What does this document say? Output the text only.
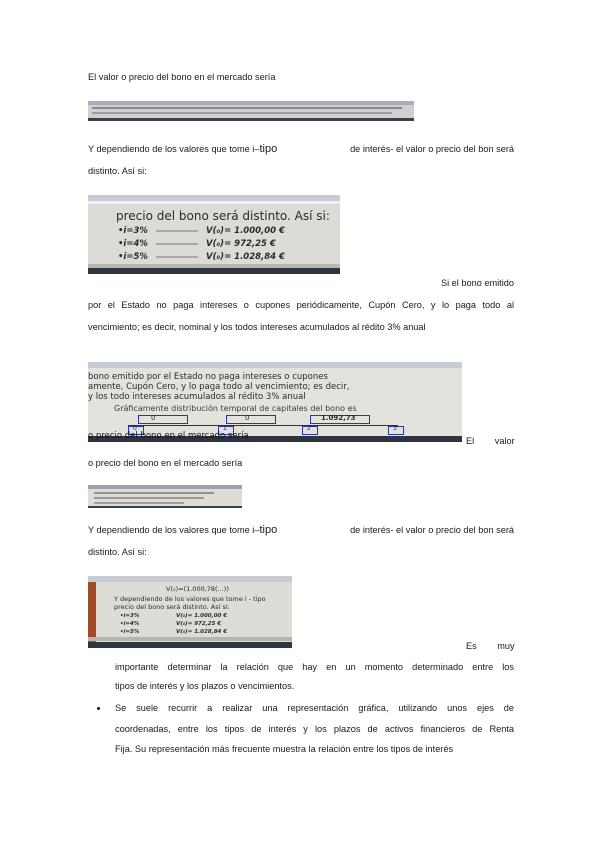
El valor o precio del bono en el mercado sería
Y dependiendo de los valores que tome i–tipo	de interés- el valor o precio del bon será
distinto. Así si:
precio del bono será distinto. Así si:
•i=3%	V(₀)= 1.000,00 €
•i=4%	V(₀)= 972,25 €
•i=5%	V(₀)= 1.028,84 €
Si el bono emitido
por el Estado no paga intereses o cupones periódicamente, Cupón Cero, y lo paga todo al
vencimiento; es decir, nominal y los todos intereses acumulados al rédito 3% anual
bono emitido por el Estado no paga intereses o cupones
amente, Cupón Cero, y lo paga todo al vencimiento; es decir,
y los todo intereses acumulados al rédito 3% anual
Gráficamente distribución temporal de capitales del bono es
0	0	1.092,73
0	1	2	3
o precio del bono en el mercado sería	El valor
o precio del bono en el mercado sería
Y dependiendo de los valores que tome i–tipo	de interés- el valor o precio del bon será
distinto. Así si:
V(₀)=(1.000,78(...))
Y dependiendo de los valores que tome i - tipo
precio del bono será distinto. Así si:
•i=3%	V(₀)= 1.000,00 €
•i=4%	V(₀)= 972,25 €
•i=5%	V(₀)= 1.028,84 €
Es muy
importante determinar la relación que hay en un momento determinado entre los
tipos de interés y los plazos o vencimientos.
Se suele recurrir a realizar una representación gráfica, utilizando unos ejes de
coordenadas, entre los tipos de interés y los plazos de activos financieros de Renta
Fija. Su representación más frecuente muestra la relación entre los tipos de interés
